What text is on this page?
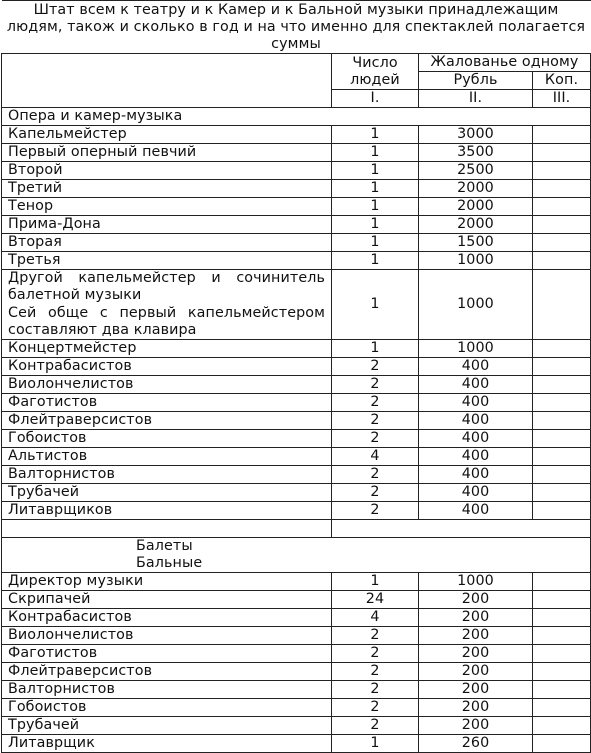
Штат всем к театру и к Камер и к Бальной музыки принадлежащим людям, також и сколько в год и на что именно для спектаклей полагается суммы			
	Число людей	Жалованье одному	
		Рубль	Коп.
	I.	II.	III.
Опера и камер-музыка			
Капельмейстер	1	3000	
Первый оперный певчий	1	3500	
Второй	1	2500	
Третий	1	2000	
Тенор	1	2000	
Прима-Дона	1	2000	
Вторая	1	1500	
Третья	1	1000	

Другой капельмейстер и сочинитель балетной музыки
Сей обще с первый капельмейстером составляют два клавира	1	1000	
Концертмейстер	1	1000	
Контрабасистов	2	400	
Виолончелистов	2	400	
Фаготистов	2	400	
Флейтраверсистов	2	400	
Гобоистов	2	400	
Альтистов	4	400	
Валторнистов	2	400	
Трубачей	2	400	
Литаврщиков	2	400	

Балеты
Бальные			

Директор музыки	1	1000	
Скрипачей	24	200	
Контрабасистов	4	200	
Виолончелистов	2	200	
Фаготистов	2	200	
Флейтраверсистов	2	200	
Валторнистов	2	200	
Гобоистов	2	200	
Трубачей	2	200	
Литаврщик	1	260	
